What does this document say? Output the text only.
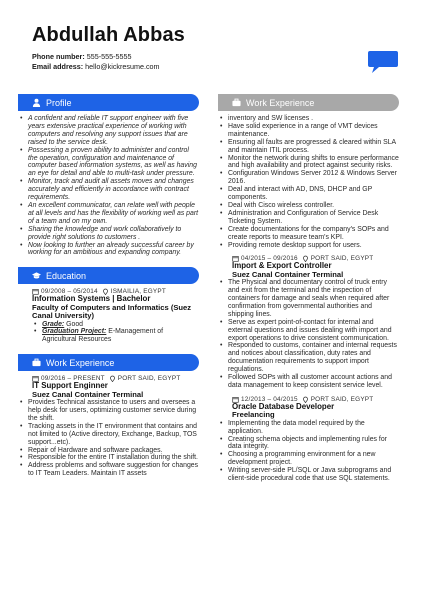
Abdullah Abbas
Phone number: 555-555-5555
Email address: hello@kickresume.com
Profile
• A confident and reliable IT support engineer with five years extensive practical experience of working with computers and resolving any support issues that are raised to the service desk.
• Possessing a proven ability to administer and control the operation, configuration and maintenance of computer based information systems, as well as having an eye for detail and able to multi-task under pressure.
• Monitor, track and audit all assets moves and changes accurately and efficiently in accordance with contract requirements.
• An excellent communicator, can relate well with people at all levels and has the flexibility of working well as part of a team and on my own.
• Sharing the knowledge and work collaboratively to provide right solutions to customers .
• Now looking to further an already successful career by working for an ambitious and expanding company.
Education
09/2008 – 05/2014 ISMAILIA, EGYPT
Information Systems | Bachelor
Faculty of Computers and Informatics (Suez Canal University)
• Grade: Good
• Graduation Project: E-Management of Agricultural Resources
Work Experience
09/2016 – PRESENT PORT SAID, EGYPT
IT Support Enginner
Suez Canal Container Terminal
• Provides Technical assistance to users and oversees a help desk for users, optimizing customer service during the shift.
• Tracking assets in the IT environment that contains and not limited to (Active directory, Exchange, Backup, TOS support...etc).
• Repair of Hardware and software packages.
• Responsible for the entire IT installation during the shift.
• Address problems and software suggestion for changes to IT Team Leaders. Maintain IT assets
Work Experience
• inventory and SW licenses .
• Have solid experience in a range of VMT devices maintenance.
• Ensuring all faults are progressed & cleared within SLA and maintain ITIL process.
• Monitor the network during shifts to ensure performance and high availability and protect against security risks.
• Configuration Windows Server 2012 & Windows Server 2016.
• Deal and interact with AD, DNS, DHCP and GP components.
• Deal with Cisco wireless controller.
• Administration and Configuration of Service Desk Ticketing System.
• Create documentations for the company's SOPs and create reports to measure team's KPI.
• Providing remote desktop support for users.
04/2015 – 09/2016 PORT SAID, EGYPT
Import & Export Controller
Suez Canal Container Terminal
• The Physical and documentary control of truck entry and exit from the terminal and the inspection of containers for damage and seals when required after confirmation from governmental authorities and shipping lines.
• Serve as expert point-of-contact for internal and external questions and issues dealing with import and export operations to drive consistent communication.
• Responded to customs, container and internal requests and notices about classification, duty rates and documentation requirements to support import regulations.
• Followed SOPs with all customer account actions and data management to keep consistent service level.
12/2013 – 04/2015 PORT SAID, EGYPT
Oracle Database Developer
Freelancing
• Implementing the data model required by the application.
• Creating schema objects and implementing rules for data integrity.
• Choosing a programming environment for a new development project.
• Writing server-side PL/SQL or Java subprograms and client-side procedural code that use SQL statements.
